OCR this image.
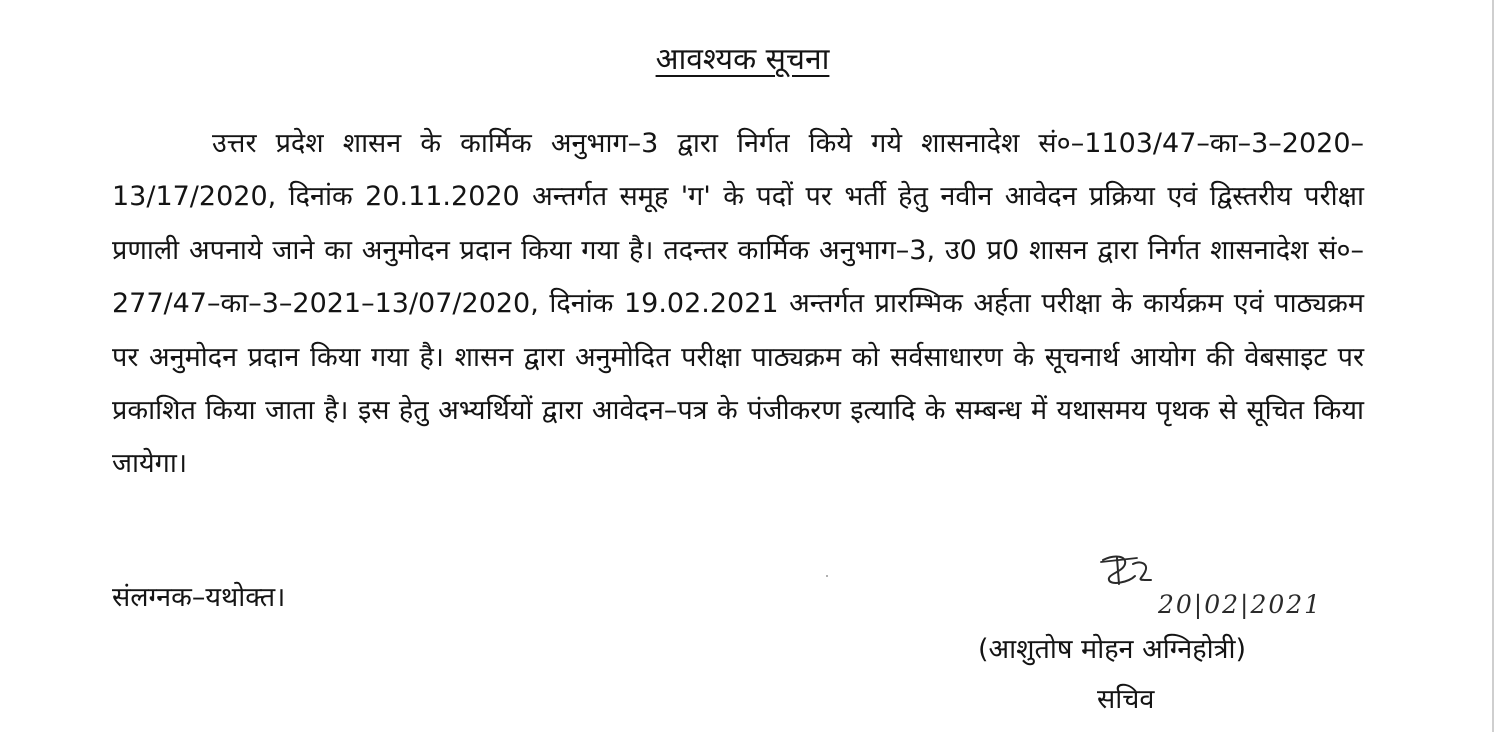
आवश्यक सूचना

उत्तर प्रदेश शासन के कार्मिक अनुभाग–3 द्वारा निर्गत किये गये शासनादेश सं०–1103/47–का–3–2020–13/17/2020, दिनांक 20.11.2020 अन्तर्गत समूह 'ग' के पदों पर भर्ती हेतु नवीन आवेदन प्रक्रिया एवं द्विस्तरीय परीक्षा प्रणाली अपनाये जाने का अनुमोदन प्रदान किया गया है। तदन्तर कार्मिक अनुभाग–3, उ0 प्र0 शासन द्वारा निर्गत शासनादेश सं०–277/47–का–3–2021–13/07/2020, दिनांक 19.02.2021 अन्तर्गत प्रारम्भिक अर्हता परीक्षा के कार्यक्रम एवं पाठ्यक्रम पर अनुमोदन प्रदान किया गया है। शासन द्वारा अनुमोदित परीक्षा पाठ्यक्रम को सर्वसाधारण के सूचनार्थ आयोग की वेबसाइट पर प्रकाशित किया जाता है। इस हेतु अभ्यर्थियों द्वारा आवेदन–पत्र के पंजीकरण इत्यादि के सम्बन्ध में यथासमय पृथक से सूचित किया जायेगा।

संलग्नक–यथोक्त।	20|02|2021
(आशुतोष मोहन अग्निहोत्री)
सचिव
